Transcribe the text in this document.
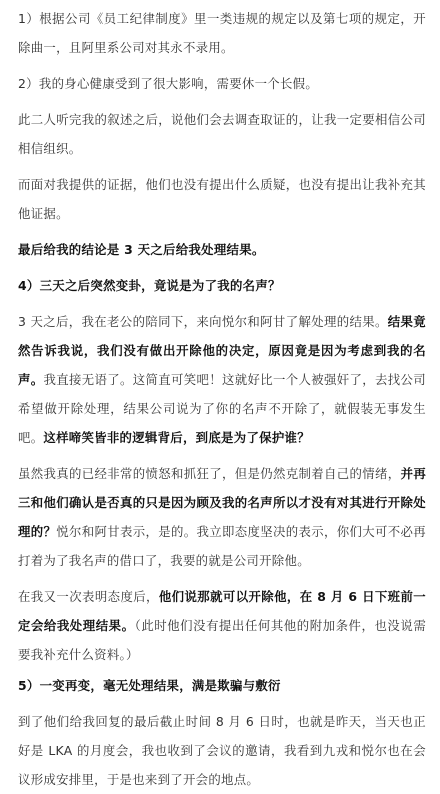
1）根据公司《员工纪律制度》里一类违规的规定以及第七项的规定，开除曲一，且阿里系公司对其永不录用。

2）我的身心健康受到了很大影响，需要休一个长假。

此二人听完我的叙述之后，说他们会去调查取证的，让我一定要相信公司相信组织。

而面对我提供的证据，他们也没有提出什么质疑，也没有提出让我补充其他证据。

最后给我的结论是 3 天之后给我处理结果。

4）三天之后突然变卦，竟说是为了我的名声？

3 天之后，我在老公的陪同下，来向悦尔和阿甘了解处理的结果。结果竟然告诉我说，我们没有做出开除他的决定，原因竟是因为考虑到我的名声。我直接无语了。这简直可笑吧！这就好比一个人被强奸了，去找公司希望做开除处理，结果公司说为了你的名声不开除了，就假装无事发生吧。这样啼笑皆非的逻辑背后，到底是为了保护谁？

虽然我真的已经非常的愤怒和抓狂了，但是仍然克制着自己的情绪，并再三和他们确认是否真的只是因为顾及我的名声所以才没有对其进行开除处理的？悦尔和阿甘表示，是的。我立即态度坚决的表示，你们大可不必再打着为了我名声的借口了，我要的就是公司开除他。

在我又一次表明态度后，他们说那就可以开除他，在 8 月 6 日下班前一定会给我处理结果。（此时他们没有提出任何其他的附加条件，也没说需要我补充什么资料。）

5）一变再变，毫无处理结果，满是欺骗与敷衍

到了他们给我回复的最后截止时间 8 月 6 日时，也就是昨天，当天也正好是 LKA 的月度会，我也收到了会议的邀请，我看到九戎和悦尔也在会议形成安排里，于是也来到了开会的地点。
